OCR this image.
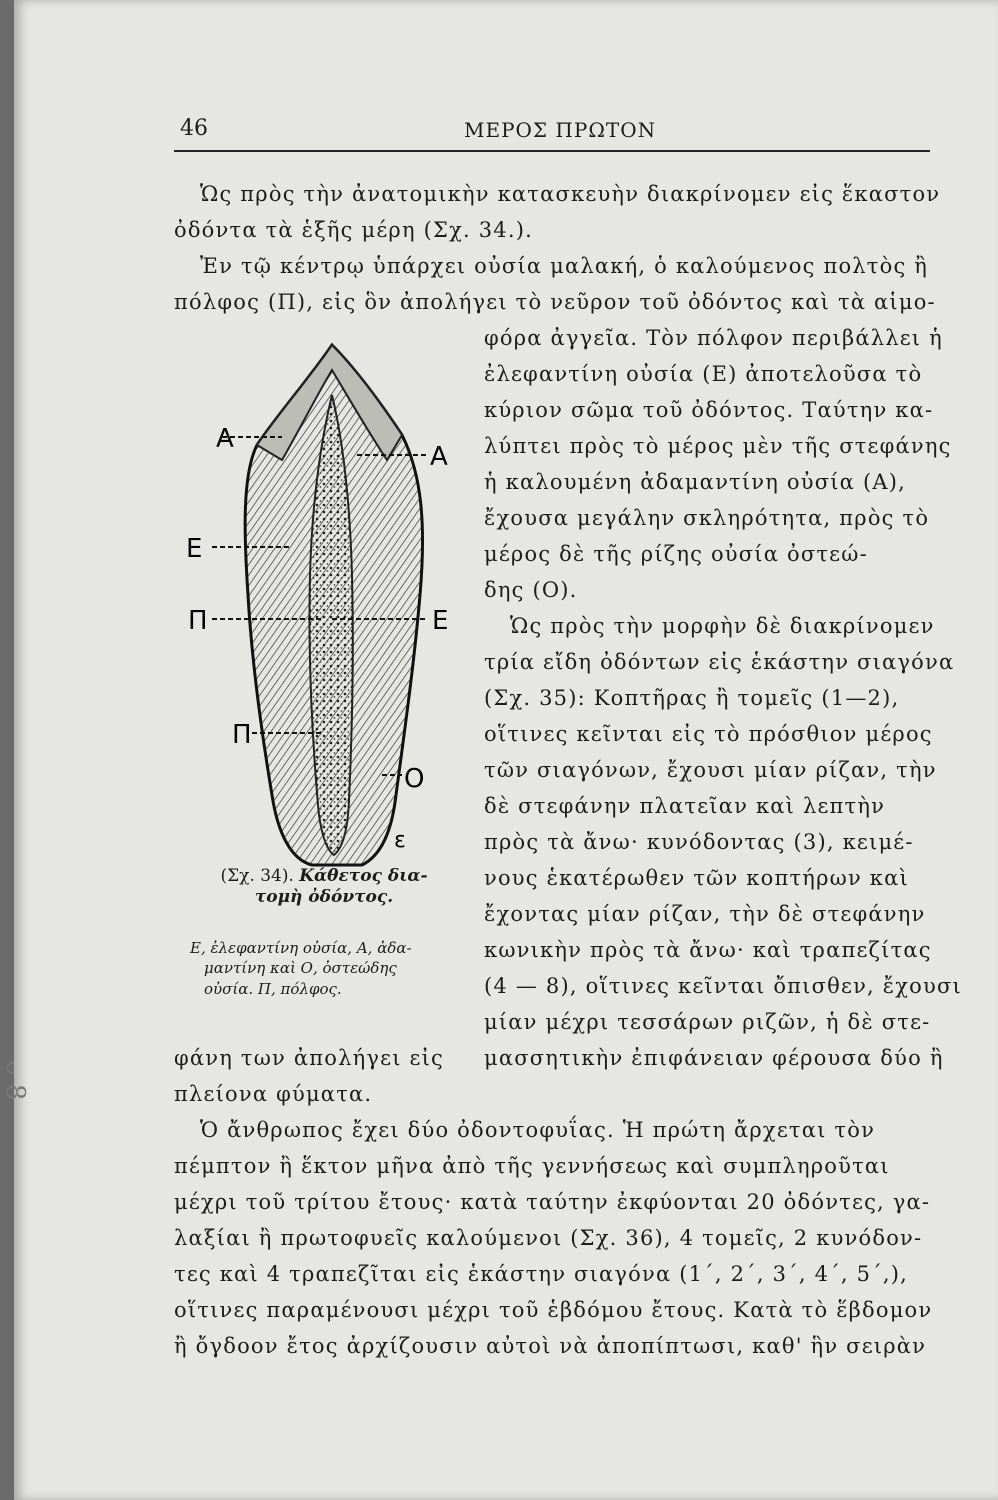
46	ΜΕΡΟΣ ΠΡΩΤΟΝ
Ὡς πρὸς τὴν ἀνατομικὴν κατασκευὴν διακρίνομεν εἰς ἕκαστον
ὀδόντα τὰ ἑξῆς μέρη (Σχ. 34.).
Ἐν τῷ κέντρῳ ὑπάρχει οὐσία μαλακή, ὁ καλούμενος πολτὸς ἢ
πόλφος (Π), εἰς ὃν ἀπολήγει τὸ νεῦρον τοῦ ὀδόντος καὶ τὰ αἱμο-
φόρα ἀγγεῖα. Τὸν πόλφον περιβάλλει ἡ
ἐλεφαντίνη οὐσία (Ε) ἀποτελοῦσα τὸ
κύριον σῶμα τοῦ ὀδόντος. Ταύτην κα-
λύπτει πρὸς τὸ μέρος μὲν τῆς στεφάνης
ἡ καλουμένη ἀδαμαντίνη οὐσία (Α),
ἔχουσα μεγάλην σκληρότητα, πρὸς τὸ
μέρος δὲ τῆς ρίζης οὐσία ὀστεώ-
δης (Ο).
Ὡς πρὸς τὴν μορφὴν δὲ διακρίνομεν
τρία εἴδη ὀδόντων εἰς ἑκάστην σιαγόνα
(Σχ. 35): Κοπτῆρας ἢ τομεῖς (1—2),
οἵτινες κεῖνται εἰς τὸ πρόσθιον μέρος
τῶν σιαγόνων, ἔχουσι μίαν ρίζαν, τὴν
δὲ στεφάνην πλατεῖαν καὶ λεπτὴν
πρὸς τὰ ἄνω· κυνόδοντας (3), κειμέ-
νους ἑκατέρωθεν τῶν κοπτήρων καὶ
ἔχοντας μίαν ρίζαν, τὴν δὲ στεφάνην
κωνικὴν πρὸς τὰ ἄνω· καὶ τραπεζίτας
(4 — 8), οἵτινες κεῖνται ὄπισθεν, ἔχουσι
μίαν μέχρι τεσσάρων ριζῶν, ἡ δὲ στε-
μασσητικὴν ἐπιφάνειαν φέρουσα δύο ἢ
φάνη των ἀπολήγει εἰς
πλείονα φύματα.
Ὁ ἄνθρωπος ἔχει δύο ὀδοντοφυΐας. Ἡ πρώτη ἄρχεται τὸν
πέμπτον ἢ ἕκτον μῆνα ἀπὸ τῆς γεννήσεως καὶ συμπληροῦται
μέχρι τοῦ τρίτου ἔτους· κατὰ ταύτην ἐκφύονται 20 ὀδόντες, γα-
λαξίαι ἢ πρωτοφυεῖς καλούμενοι (Σχ. 36), 4 τομεῖς, 2 κυνόδον-
τες καὶ 4 τραπεζῖται εἰς ἑκάστην σιαγόνα (1΄, 2΄, 3΄, 4΄, 5΄,),
οἵτινες παραμένουσι μέχρι τοῦ ἑβδόμου ἔτους. Κατὰ τὸ ἕβδομον
ἢ ὄγδοον ἔτος ἀρχίζουσιν αὐτοὶ νὰ ἀποπίπτωσι, καθ' ἣν σειρὰν
Α
Α
Ε
Π	Ε
Π
Ο
ε
(Σχ. 34). Κάθετος δια-
τομὴ ὀδόντος.
Ε, ἐλεφαντίνη οὐσία, Α, ἀδα-
μαντίνη καὶ Ο, ὀστεώδης
οὐσία. Π, πόλφος.
ᴗ 8
